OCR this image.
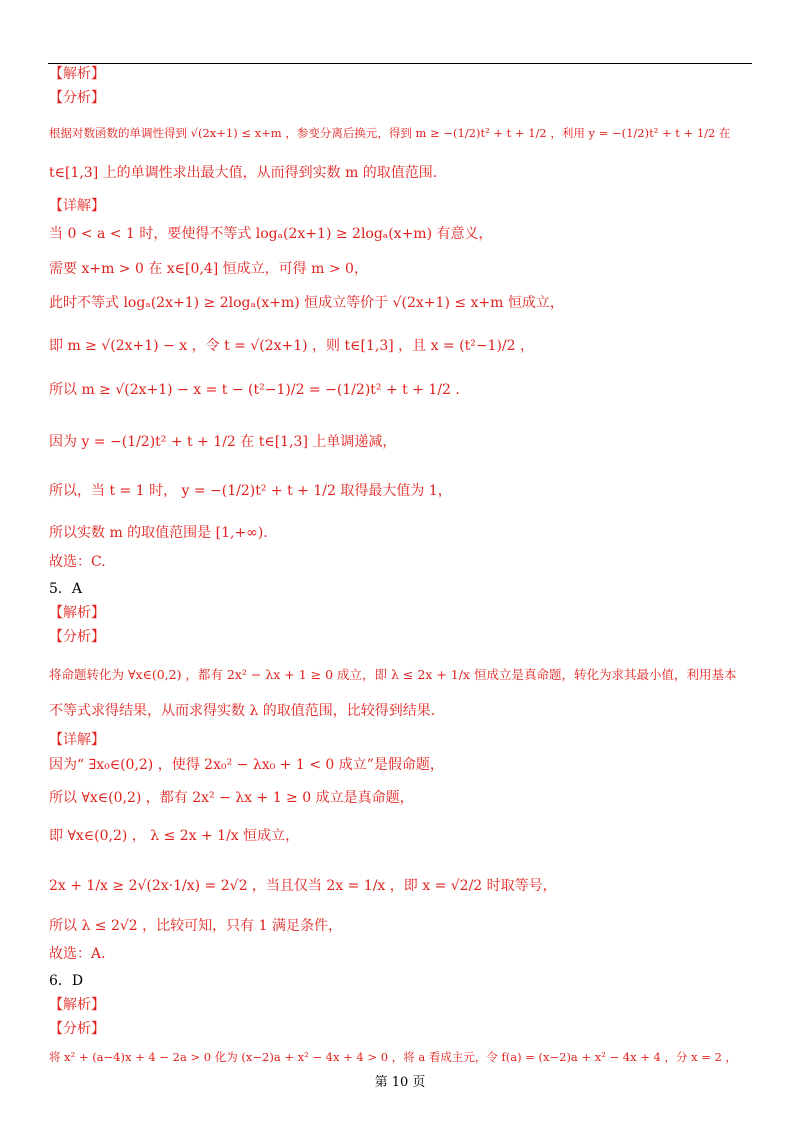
【解析】
【分析】
根据对数函数的单调性得到 √(2x+1) ≤ x+m ，参变分离后换元，得到 m ≥ −(1/2)t² + t + 1/2 ，利用 y = −(1/2)t² + t + 1/2 在
t∈[1,3] 上的单调性求出最大值，从而得到实数 m 的取值范围.
【详解】
当 0 < a < 1 时，要使得不等式 logₐ(2x+1) ≥ 2logₐ(x+m) 有意义，
需要 x+m > 0 在 x∈[0,4] 恒成立，可得 m > 0，
此时不等式 logₐ(2x+1) ≥ 2logₐ(x+m) 恒成立等价于 √(2x+1) ≤ x+m 恒成立，
即 m ≥ √(2x+1) − x ，令 t = √(2x+1) ，则 t∈[1,3] ，且 x = (t²−1)/2 ，
所以 m ≥ √(2x+1) − x = t − (t²−1)/2 = −(1/2)t² + t + 1/2 .
因为 y = −(1/2)t² + t + 1/2 在 t∈[1,3] 上单调递减，
所以，当 t = 1 时， y = −(1/2)t² + t + 1/2 取得最大值为 1，
所以实数 m 的取值范围是 [1,+∞).
故选：C.
5．A
【解析】
【分析】
将命题转化为 ∀x∈(0,2) ，都有 2x² − λx + 1 ≥ 0 成立，即 λ ≤ 2x + 1/x 恒成立是真命题，转化为求其最小值，利用基本
不等式求得结果，从而求得实数 λ 的取值范围，比较得到结果.
【详解】
因为“ ∃x₀∈(0,2) ，使得 2x₀² − λx₀ + 1 < 0 成立”是假命题，
所以 ∀x∈(0,2) ，都有 2x² − λx + 1 ≥ 0 成立是真命题，
即 ∀x∈(0,2) ， λ ≤ 2x + 1/x 恒成立，
2x + 1/x ≥ 2√(2x·1/x) = 2√2 ，当且仅当 2x = 1/x ，即 x = √2/2 时取等号，
所以 λ ≤ 2√2 ，比较可知，只有 1 满足条件，
故选：A.
6．D
【解析】
【分析】
将 x² + (a−4)x + 4 − 2a > 0 化为 (x−2)a + x² − 4x + 4 > 0 ，将 a 看成主元，令 f(a) = (x−2)a + x² − 4x + 4 ，分 x = 2 ，
第 10 页
